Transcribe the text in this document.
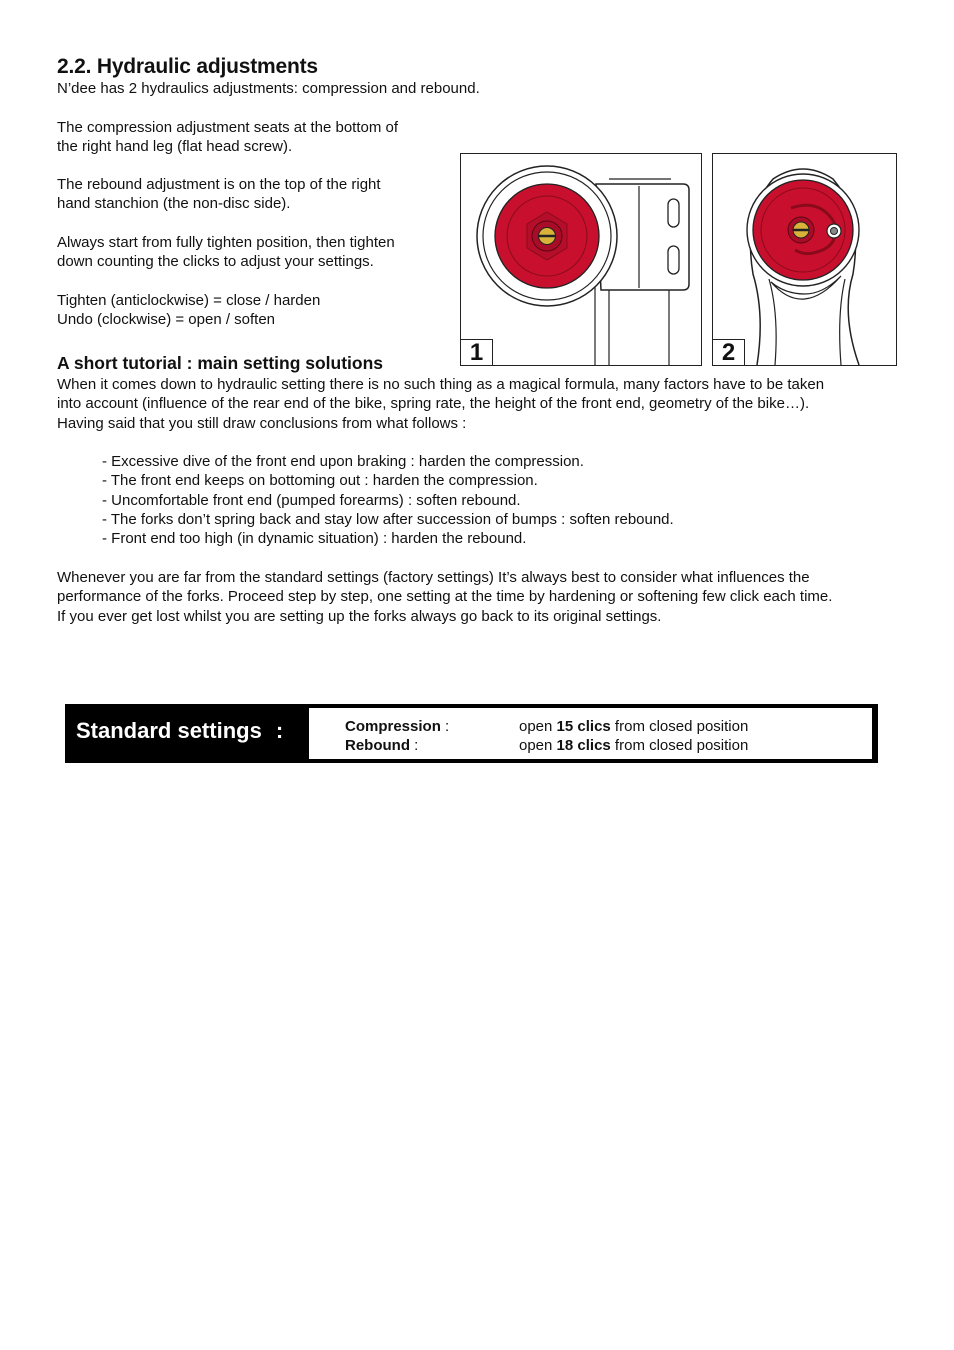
2.2. Hydraulic adjustments
N’dee has 2 hydraulics adjustments: compression and rebound.
The compression adjustment seats at the bottom of
the right hand leg (flat head screw).
The rebound adjustment is on the top of the right
hand stanchion (the non-disc side).
Always start from fully tighten position, then tighten
down counting the clicks to adjust your settings.
Tighten (anticlockwise) = close / harden
Undo (clockwise) = open / soften
1	2
A short tutorial : main setting solutions
When it comes down to hydraulic setting there is no such thing as a magical formula, many factors have to be taken
into account (influence of the rear end of the bike, spring rate, the height of the front end, geometry of the bike…).
Having said that you still draw conclusions from what follows :
- Excessive dive of the front end upon braking : harden the compression.
- The front end keeps on bottoming out : harden the compression.
- Uncomfortable front end (pumped forearms) : soften rebound.
- The forks don’t spring back and stay low after succession of bumps : soften rebound.
- Front end too high (in dynamic situation) : harden the rebound.
Whenever you are far from the standard settings (factory settings) It’s always best to consider what influences the
performance of the forks. Proceed step by step, one setting at the time by hardening or softening few click each time.
If you ever get lost whilst you are setting up the forks always go back to its original settings.
Standard settings :	Compression :	open 15 clics from closed position
Rebound :	open 18 clics from closed position
